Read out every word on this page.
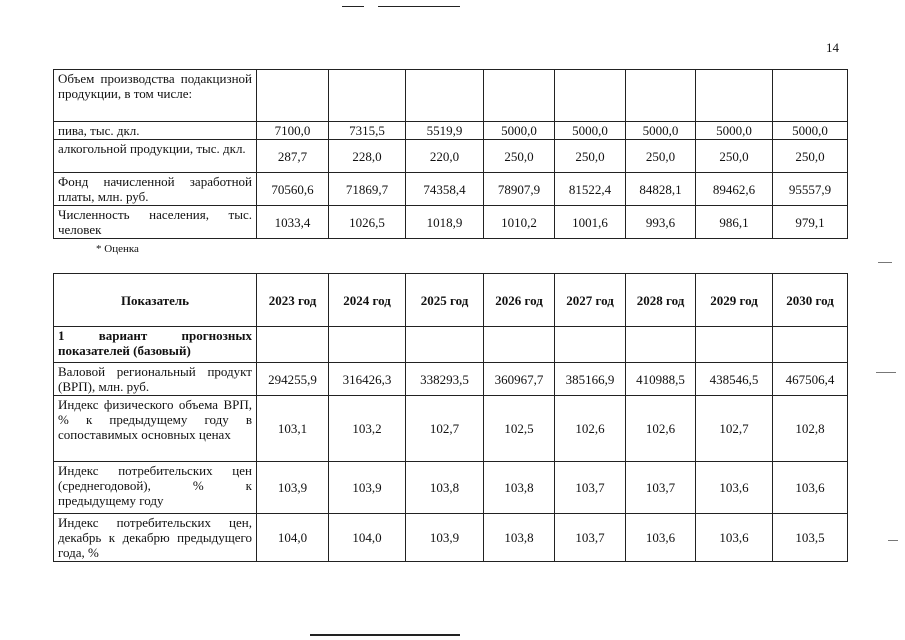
14
Объем производства подакцизной продукции, в том числе:								
пива, тыс. дкл.	7100,0	7315,5	5519,9	5000,0	5000,0	5000,0	5000,0	5000,0
алкогольной продукции, тыс. дкл.	287,7	228,0	220,0	250,0	250,0	250,0	250,0	250,0
Фонд начисленной заработной платы, млн. руб.	70560,6	71869,7	74358,4	78907,9	81522,4	84828,1	89462,6	95557,9
Численность населения, тыс. человек	1033,4	1026,5	1018,9	1010,2	1001,6	993,6	986,1	979,1
* Оценка
Показатель	2023 год	2024 год	2025 год	2026 год	2027 год	2028 год	2029 год	2030 год
1 вариант прогнозных показателей (базовый)								
Валовой региональный продукт (ВРП), млн. руб.	294255,9	316426,3	338293,5	360967,7	385166,9	410988,5	438546,5	467506,4
Индекс физического объема ВРП, % к предыдущему году в сопоставимых основных ценах	103,1	103,2	102,7	102,5	102,6	102,6	102,7	102,8
Индекс потребительских цен (среднегодовой), % к предыдущему году	103,9	103,9	103,8	103,8	103,7	103,7	103,6	103,6
Индекс потребительских цен, декабрь к декабрю предыдущего года, %	104,0	104,0	103,9	103,8	103,7	103,6	103,6	103,5
